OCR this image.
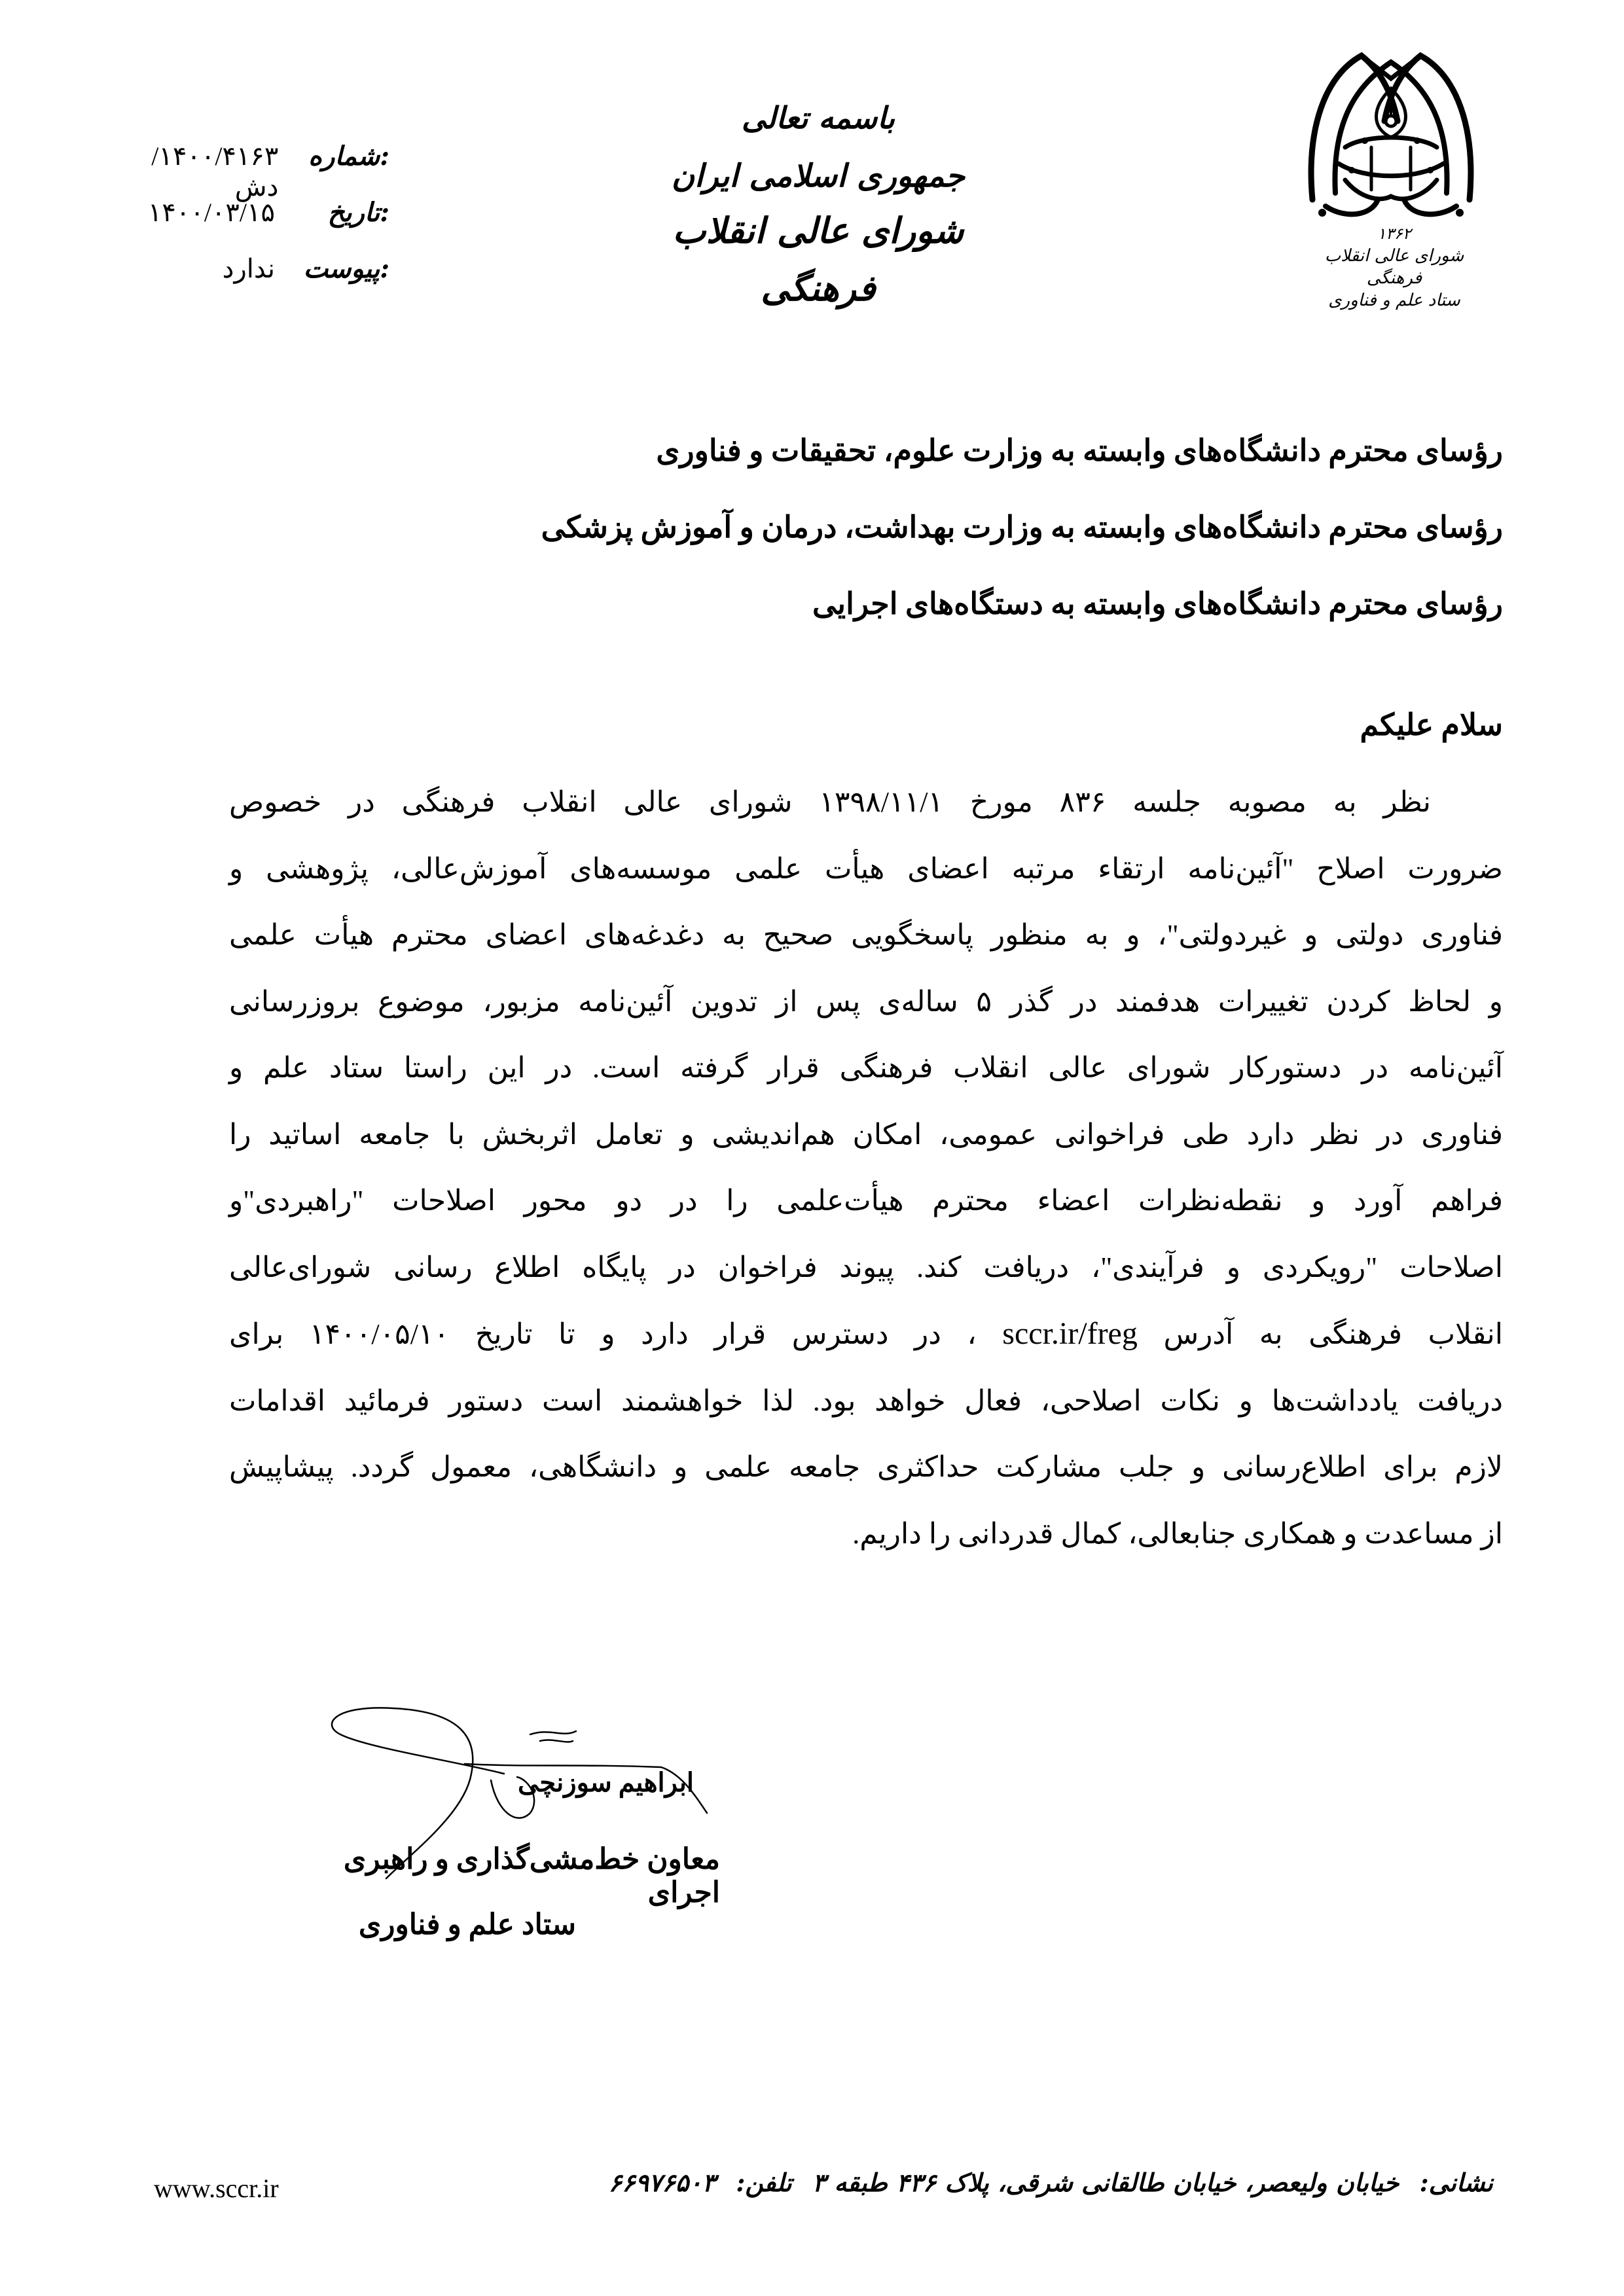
شماره:
۱۴۰۰/۴۱۶۳/دش
تاریخ:
۱۴۰۰/۰۳/۱۵
پیوست:
ندارد
باسمه تعالی
جمهوری اسلامی ایران
شورای عالی انقلاب فرهنگی
۱۳۶۲
شورای عالی انقلاب فرهنگی
ستاد علم و فناوری
رؤسای محترم دانشگاه‌های وابسته به وزارت علوم، تحقیقات و فناوری
رؤسای محترم دانشگاه‌های وابسته به وزارت بهداشت، درمان و آموزش پزشکی
رؤسای محترم دانشگاه‌های وابسته به دستگاه‌های اجرایی
سلام علیکم
نظر به مصوبه جلسه ۸۳۶ مورخ ۱۳۹۸/۱۱/۱ شورای عالی انقلاب فرهنگی در خصوص
ضرورت اصلاح "آئین‌نامه ارتقاء مرتبه اعضای هیأت علمی موسسه‌های آموزش‌عالی، پژوهشی و
فناوری دولتی و غیردولتی"، و به منظور پاسخگویی صحیح به دغدغه‌های اعضای محترم هیأت علمی
و لحاظ کردن تغییرات هدفمند در گذر ۵ ساله‌ی پس از تدوین آئین‌نامه مزبور، موضوع بروزرسانی
آئین‌نامه در دستورکار شورای عالی انقلاب فرهنگی قرار گرفته است. در این راستا ستاد علم و
فناوری در نظر دارد طی فراخوانی عمومی، امکان هم‌اندیشی و تعامل اثربخش با جامعه اساتید را
فراهم آورد و نقطه‌نظرات اعضاء محترم هیأت‌علمی را در دو محور اصلاحات "راهبردی"و
اصلاحات "رویکردی و فرآیندی"، دریافت کند. پیوند فراخوان در پایگاه اطلاع رسانی شورای‌عالی
انقلاب فرهنگی به آدرس sccr.ir/freg ، در دسترس قرار دارد و تا تاریخ ۱۴۰۰/۰۵/۱۰ برای
دریافت یادداشت‌ها و نکات اصلاحی، فعال خواهد بود. لذا خواهشمند است دستور فرمائید اقدامات
لازم برای اطلاع‌رسانی و جلب مشارکت حداکثری جامعه علمی و دانشگاهی، معمول گردد. پیشاپیش
از مساعدت و همکاری جنابعالی، کمال قدردانی را داریم.
ابراهیم سوزنچی
معاون خط‌مشی‌گذاری و راهبری اجرای
ستاد علم و فناوری
www.sccr.ir	نشانی: خیابان ولیعصر، خیابان طالقانی شرقی، پلاک ۴۳۶ طبقه ۳ تلفن: ۶۶۹۷۶۵۰۳
